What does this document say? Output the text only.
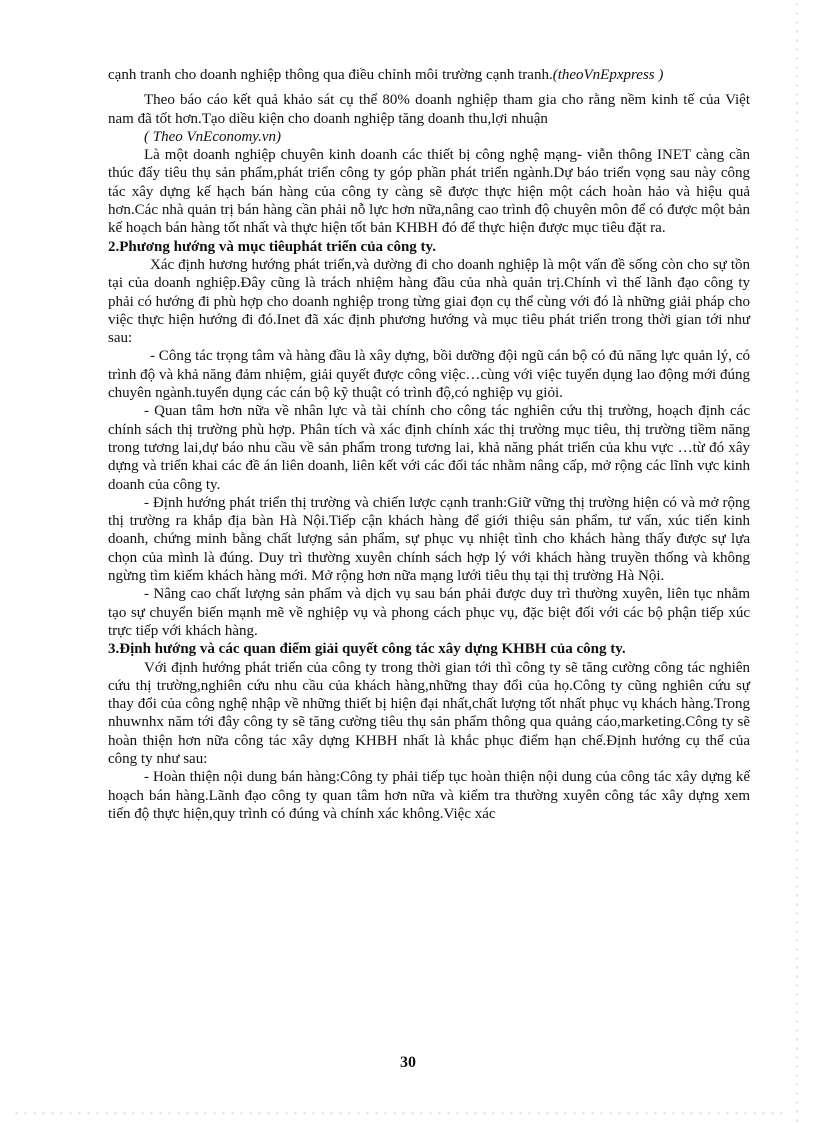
cạnh tranh cho doanh nghiệp thông qua điều chỉnh môi trường cạnh tranh.(theoVnEpxpress )

Theo báo cáo kết quả khảo sát cụ thể 80% doanh nghiệp tham gia cho rằng nềm kinh tế của Việt nam đã tốt hơn.Tạo diều kiện cho doanh nghiệp tăng doanh thu,lợi nhuận

( Theo VnEconomy.vn)

Là một doanh nghiệp chuyên kinh doanh các thiết bị công nghệ mạng- viễn thông INET càng cần thúc đẩy tiêu thụ sản phẩm,phát triển công ty góp phần phát triển ngành.Dự báo triển vọng sau này công tác xây dựng kế hạch bán hàng của công ty càng sẽ được thực hiện một cách hoàn hảo và hiệu quả hơn.Các nhà quản trị bán hàng cần phải nỗ lực hơn nữa,nâng cao trình độ chuyên môn để có được một bản kế hoạch bán hàng tốt nhất và thực hiện tốt bản KHBH đó để thực hiện được mục tiêu đặt ra.

2.Phương hướng và mục tiêuphát triển của công ty.

Xác định hương hướng phát triển,và dường đi cho doanh nghiệp là một vấn đề sống còn cho sự tồn tại của doanh nghiệp.Đây cũng là trách nhiệm hàng đầu của nhà quản trị.Chính vì thế lãnh đạo công ty phải có hướng đi phù hợp cho doanh nghiệp trong từng giai đọn cụ thể cùng với đó là những giải pháp cho việc thực hiện hướng đi đó.Inet đã xác định phương hướng và mục tiêu phát triển trong thời gian tới như sau:

- Công tác trọng tâm và hàng đầu là xây dựng, bồi dưỡng đội ngũ cán bộ có đủ năng lực quản lý, có trình độ và khả năng đảm nhiệm, giải quyết được công việc…cùng với việc tuyển dụng lao động mới đúng chuyên ngành.tuyển dụng các cán bộ kỹ thuật có trình độ,có nghiệp vụ giỏi.

- Quan tâm hơn nữa về nhân lực và tài chính cho công tác nghiên cứu thị trường, hoạch định các chính sách thị trường phù hợp. Phân tích và xác định chính xác thị trường mục tiêu, thị trường tiềm năng trong tương lai,dự báo nhu cầu về sản phẩm trong tương lai, khả năng phát triển của khu vực …từ đó xây dựng và triển khai các đề án liên doanh, liên kết với các đối tác nhằm nâng cấp, mở rộng các lĩnh vực kinh doanh của công ty.

- Định hướng phát triển thị trường và chiến lược cạnh tranh:Giữ vững thị trường hiện có và mở rộng thị trường ra khắp địa bàn Hà Nội.Tiếp cận khách hàng để giới thiệu sản phẩm, tư vấn, xúc tiến kinh doanh, chứng minh bằng chất lượng sản phẩm, sự phục vụ nhiệt tình cho khách hàng thấy được sự lựa chọn của mình là đúng. Duy trì thường xuyên chính sách hợp lý với khách hàng truyền thống và không ngừng tìm kiếm khách hàng mới. Mở rộng hơn nữa mạng lưới tiêu thụ tại thị trường Hà Nội.

- Nâng cao chất lượng sản phẩm và dịch vụ sau bán phải được duy trì thường xuyên, liên tục nhằm tạo sự chuyển biến mạnh mẽ về nghiệp vụ và phong cách phục vụ, đặc biệt đối với các bộ phận tiếp xúc trực tiếp với khách hàng.

3.Định hướng và các quan điểm giải quyết công tác xây dựng KHBH của công ty.

Với định hướng phát triển của công ty trong thời gian tới thì công ty sẽ tăng cường công tác nghiên cứu thị trường,nghiên cứu nhu cầu của khách hàng,những thay đổi của họ.Công ty cũng nghiên cứu sự thay đổi của công nghệ nhập về những thiết bị hiện đại nhất,chất lượng tốt nhất phục vụ khách hàng.Trong nhuwnhx năm tới đây công ty sẽ tăng cường tiêu thụ sản phẩm thông qua quảng cáo,marketing.Công ty sẽ hoàn thiện hơn nữa công tác xây dựng KHBH nhất là khắc phục điểm hạn chế.Định hướng cụ thể của công ty như sau:

- Hoàn thiện nội dung bán hàng:Công ty phải tiếp tục hoàn thiện nội dung của công tác xây dựng kế hoạch bán hàng.Lãnh đạo công ty quan tâm hơn nữa và kiểm tra thường xuyên công tác xây dựng xem tiến độ thực hiện,quy trình có đúng và chính xác không.Việc xác

30
